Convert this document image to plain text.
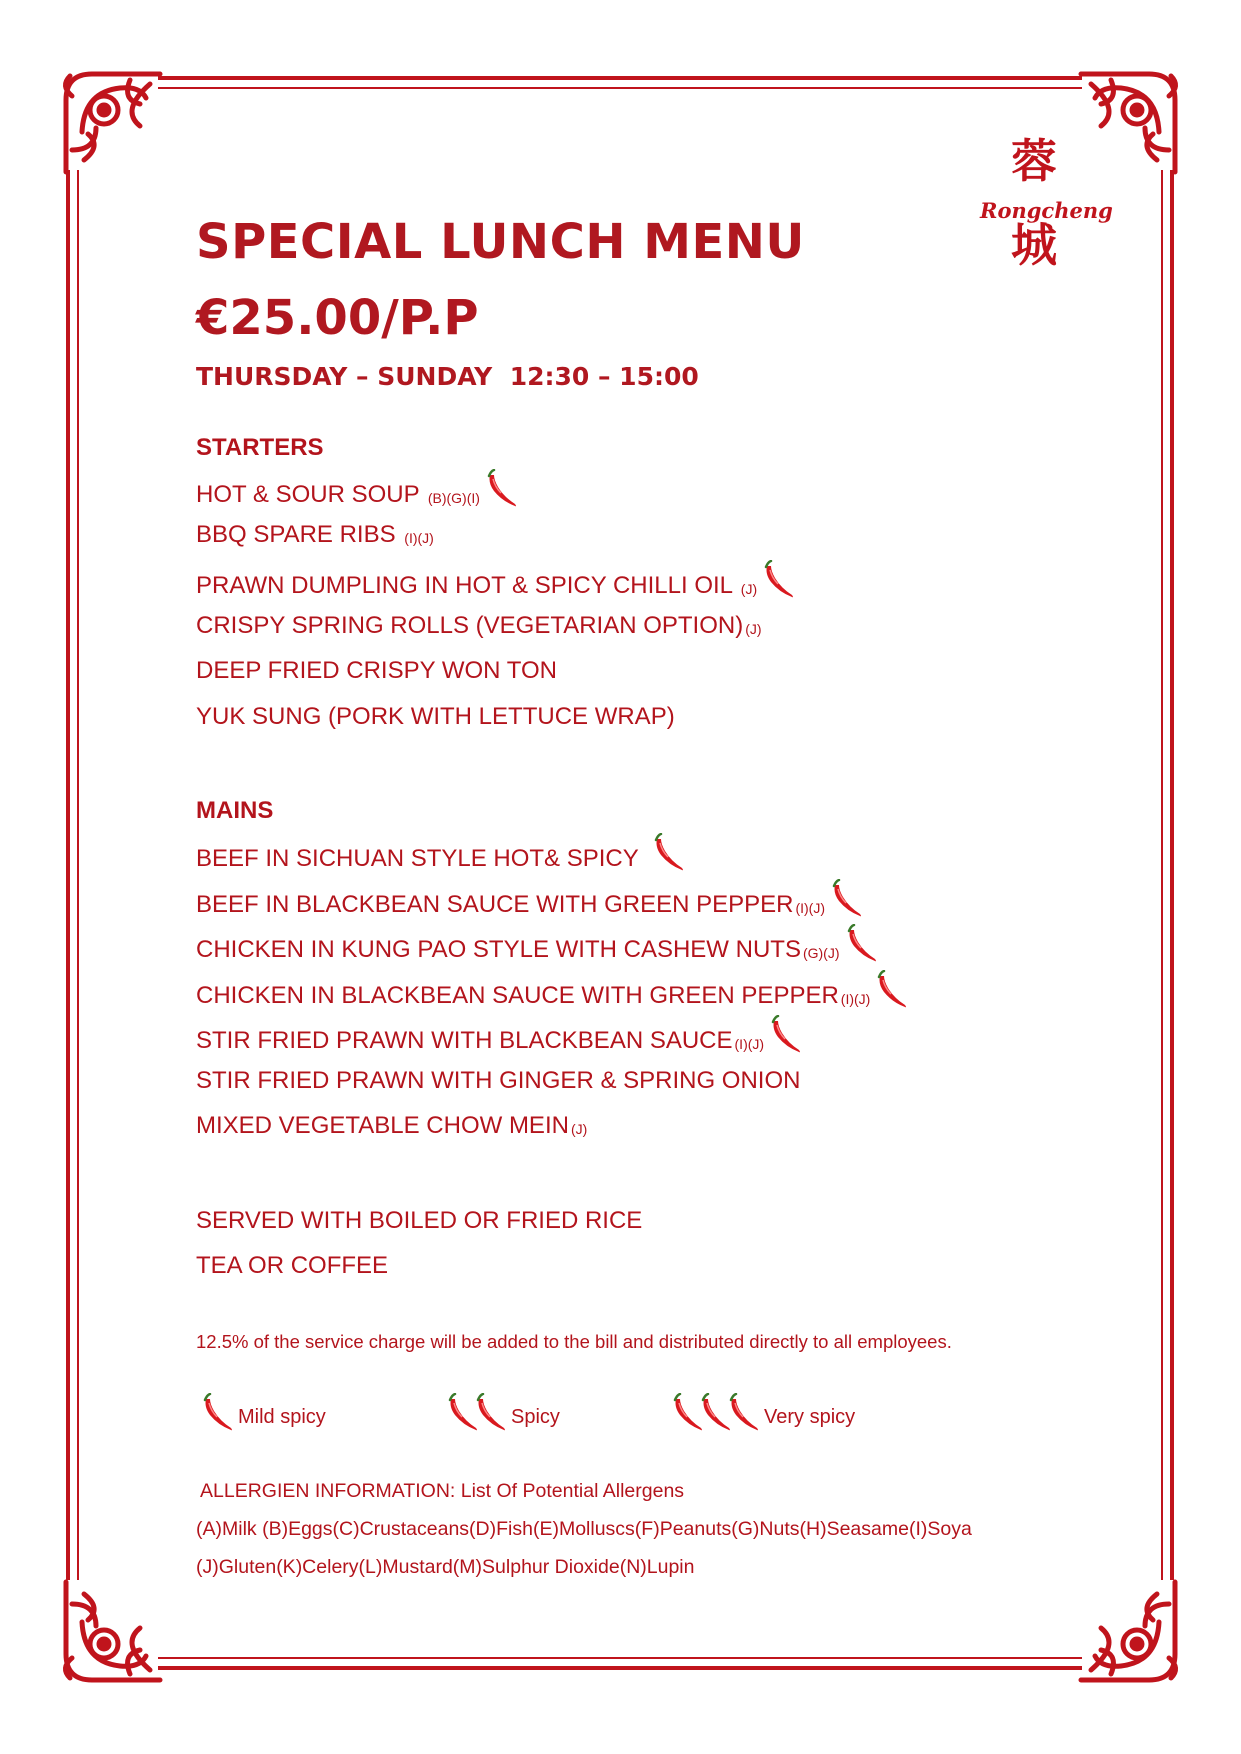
蓉
Rongcheng
城
SPECIAL LUNCH MENU
€25.00/P.P
THURSDAY – SUNDAY  12:30 – 15:00
STARTERS
HOT & SOUR SOUP (B)(G)(I)
BBQ SPARE RIBS (I)(J)
PRAWN DUMPLING IN HOT & SPICY CHILLI OIL (J)
CRISPY SPRING ROLLS (VEGETARIAN OPTION) (J)
DEEP FRIED CRISPY WON TON
YUK SUNG (PORK WITH LETTUCE WRAP)
MAINS
BEEF IN SICHUAN STYLE HOT& SPICY
BEEF IN BLACKBEAN SAUCE WITH GREEN PEPPER (I)(J)
CHICKEN IN KUNG PAO STYLE WITH CASHEW NUTS (G)(J)
CHICKEN IN BLACKBEAN SAUCE WITH GREEN PEPPER (I)(J)
STIR FRIED PRAWN WITH BLACKBEAN SAUCE (I)(J)
STIR FRIED PRAWN WITH GINGER & SPRING ONION
MIXED VEGETABLE CHOW MEIN (J)
SERVED WITH BOILED OR FRIED RICE
TEA OR COFFEE
12.5% of the service charge will be added to the bill and distributed directly to all employees.
Mild spicy	Spicy	Very spicy
ALLERGIEN INFORMATION: List Of Potential Allergens
(A)Milk (B)Eggs(C)Crustaceans(D)Fish(E)Molluscs(F)Peanuts(G)Nuts(H)Seasame(I)Soya
(J)Gluten(K)Celery(L)Mustard(M)Sulphur Dioxide(N)Lupin
